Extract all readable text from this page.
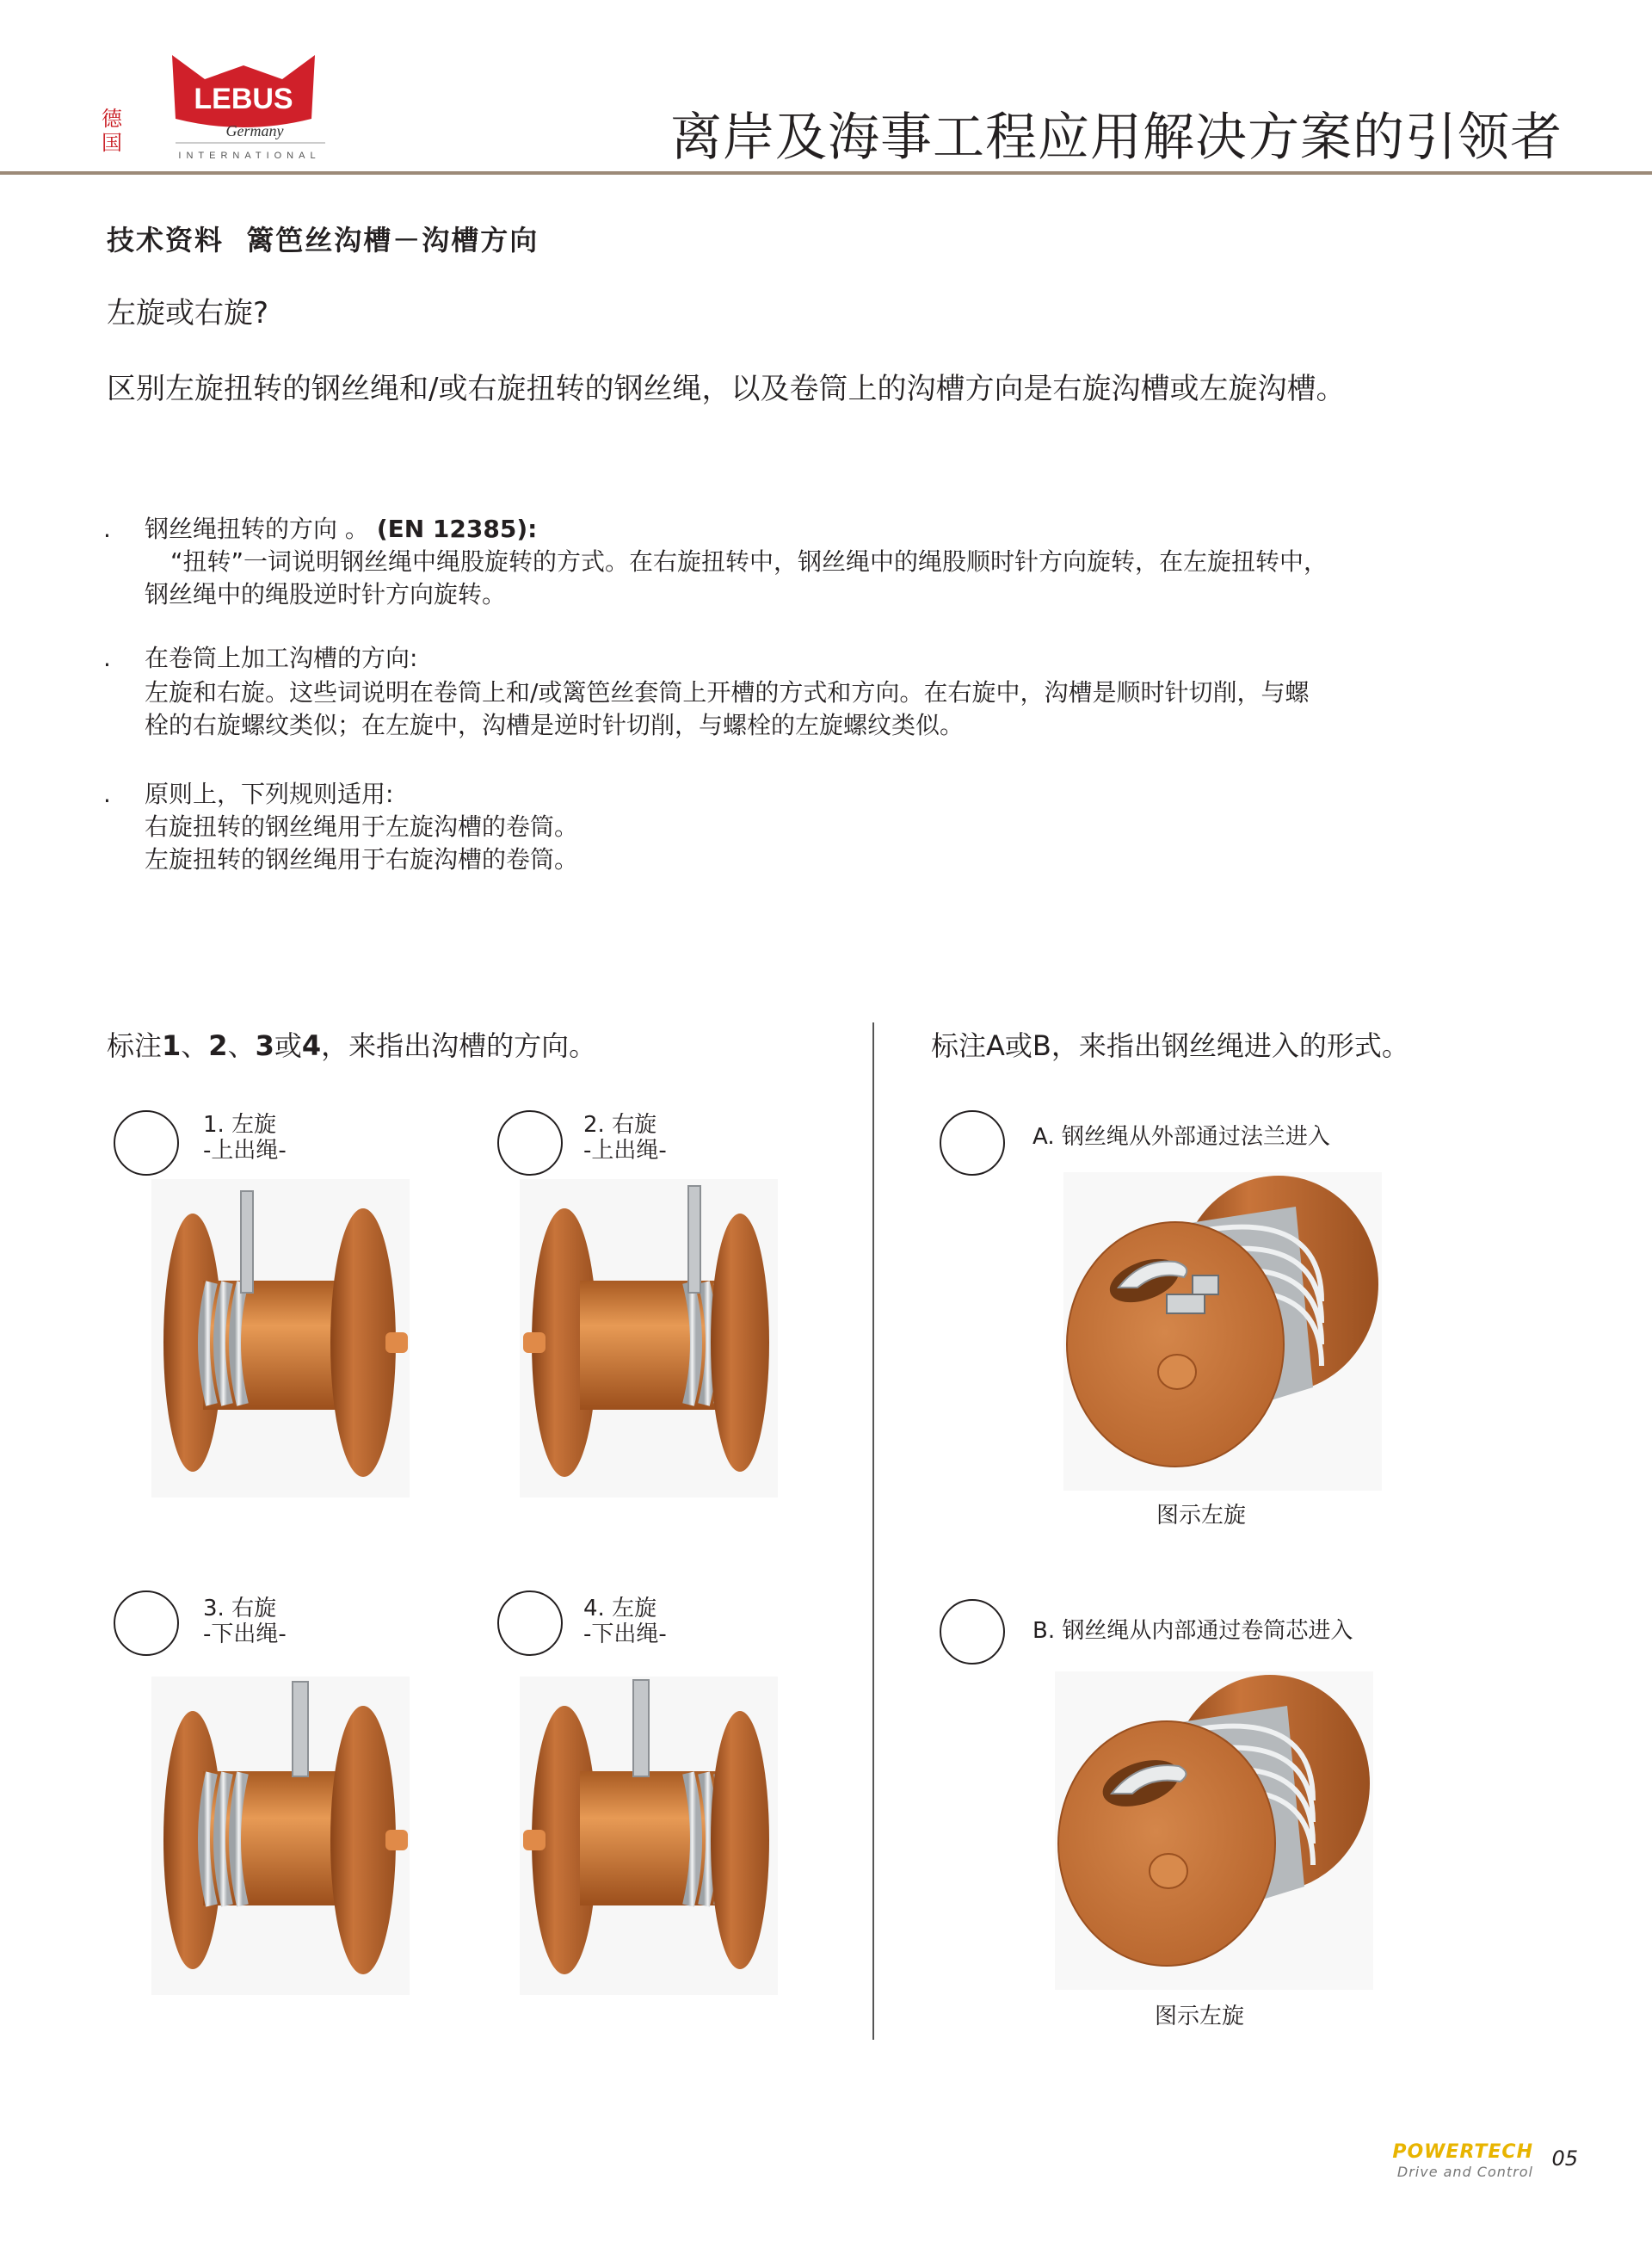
德国
LEBUS
Germany
INTERNATIONAL	离岸及海事工程应用解决方案的引领者
技术资料  篱笆丝沟槽－沟槽方向
左旋或右旋?
区别左旋扭转的钢丝绳和/或右旋扭转的钢丝绳，以及卷筒上的沟槽方向是右旋沟槽或左旋沟槽。
. 钢丝绳扭转的方向 。 (EN 12385):
“扭转”一词说明钢丝绳中绳股旋转的方式。在右旋扭转中，钢丝绳中的绳股顺时针方向旋转，在左旋扭转中，
钢丝绳中的绳股逆时针方向旋转。
. 在卷筒上加工沟槽的方向:
左旋和右旋。这些词说明在卷筒上和/或篱笆丝套筒上开槽的方式和方向。在右旋中，沟槽是顺时针切削，与螺
栓的右旋螺纹类似；在左旋中，沟槽是逆时针切削，与螺栓的左旋螺纹类似。
. 原则上，下列规则适用:
右旋扭转的钢丝绳用于左旋沟槽的卷筒。
左旋扭转的钢丝绳用于右旋沟槽的卷筒。
标注1、2、3或4，来指出沟槽的方向。	标注A或B，来指出钢丝绳进入的形式。
1. 左旋
-上出绳-
2. 右旋
-上出绳-
3. 右旋
-下出绳-
4. 左旋
-下出绳-
A. 钢丝绳从外部通过法兰进入
图示左旋
B. 钢丝绳从内部通过卷筒芯进入
图示左旋
POWERTECH
Drive and Control
05
